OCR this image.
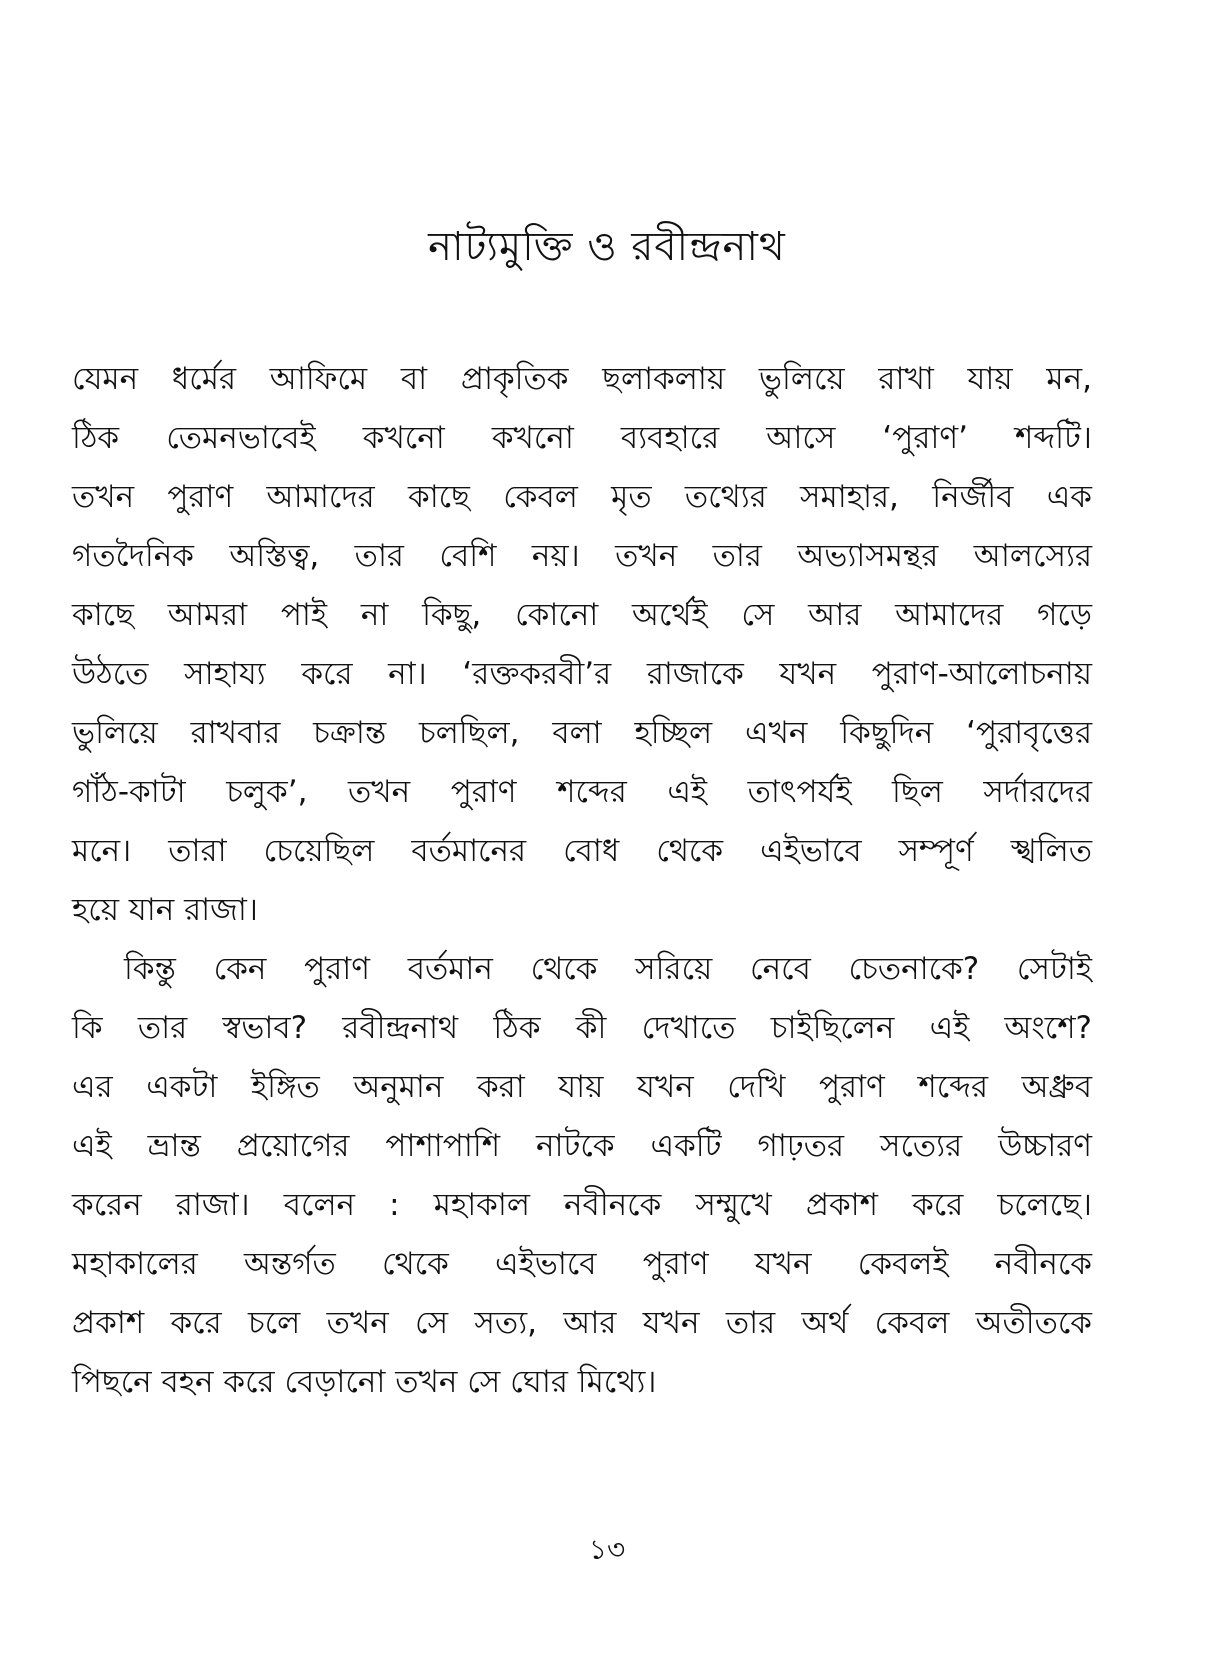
নাট্যমুক্তি ও রবীন্দ্রনাথ
যেমন ধর্মের আফিমে বা প্রাকৃতিক ছলাকলায় ভুলিয়ে রাখা যায় মন,
ঠিক তেমনভাবেই কখনো কখনো ব্যবহারে আসে ‘পুরাণ’ শব্দটি।
তখন পুরাণ আমাদের কাছে কেবল মৃত তথ্যের সমাহার, নির্জীব এক
গতদৈনিক অস্তিত্ব, তার বেশি নয়। তখন তার অভ্যাসমন্থর আলস্যের
কাছে আমরা পাই না কিছু, কোনো অর্থেই সে আর আমাদের গড়ে
উঠতে সাহায্য করে না। ‘রক্তকরবী’র রাজাকে যখন পুরাণ-আলোচনায়
ভুলিয়ে রাখবার চক্রান্ত চলছিল, বলা হচ্ছিল এখন কিছুদিন ‘পুরাবৃত্তের
গাঁঠ-কাটা চলুক’, তখন পুরাণ শব্দের এই তাৎপর্যই ছিল সর্দারদের
মনে। তারা চেয়েছিল বর্তমানের বোধ থেকে এইভাবে সম্পূর্ণ স্খলিত
হয়ে যান রাজা।
কিন্তু কেন পুরাণ বর্তমান থেকে সরিয়ে নেবে চেতনাকে? সেটাই
কি তার স্বভাব? রবীন্দ্রনাথ ঠিক কী দেখাতে চাইছিলেন এই অংশে?
এর একটা ইঙ্গিত অনুমান করা যায় যখন দেখি পুরাণ শব্দের অধ্রুব
এই ভ্রান্ত প্রয়োগের পাশাপাশি নাটকে একটি গাঢ়তর সত্যের উচ্চারণ
করেন রাজা। বলেন : মহাকাল নবীনকে সম্মুখে প্রকাশ করে চলেছে।
মহাকালের অন্তর্গত থেকে এইভাবে পুরাণ যখন কেবলই নবীনকে
প্রকাশ করে চলে তখন সে সত্য, আর যখন তার অর্থ কেবল অতীতকে
পিছনে বহন করে বেড়ানো তখন সে ঘোর মিথ্যে।
১৩
